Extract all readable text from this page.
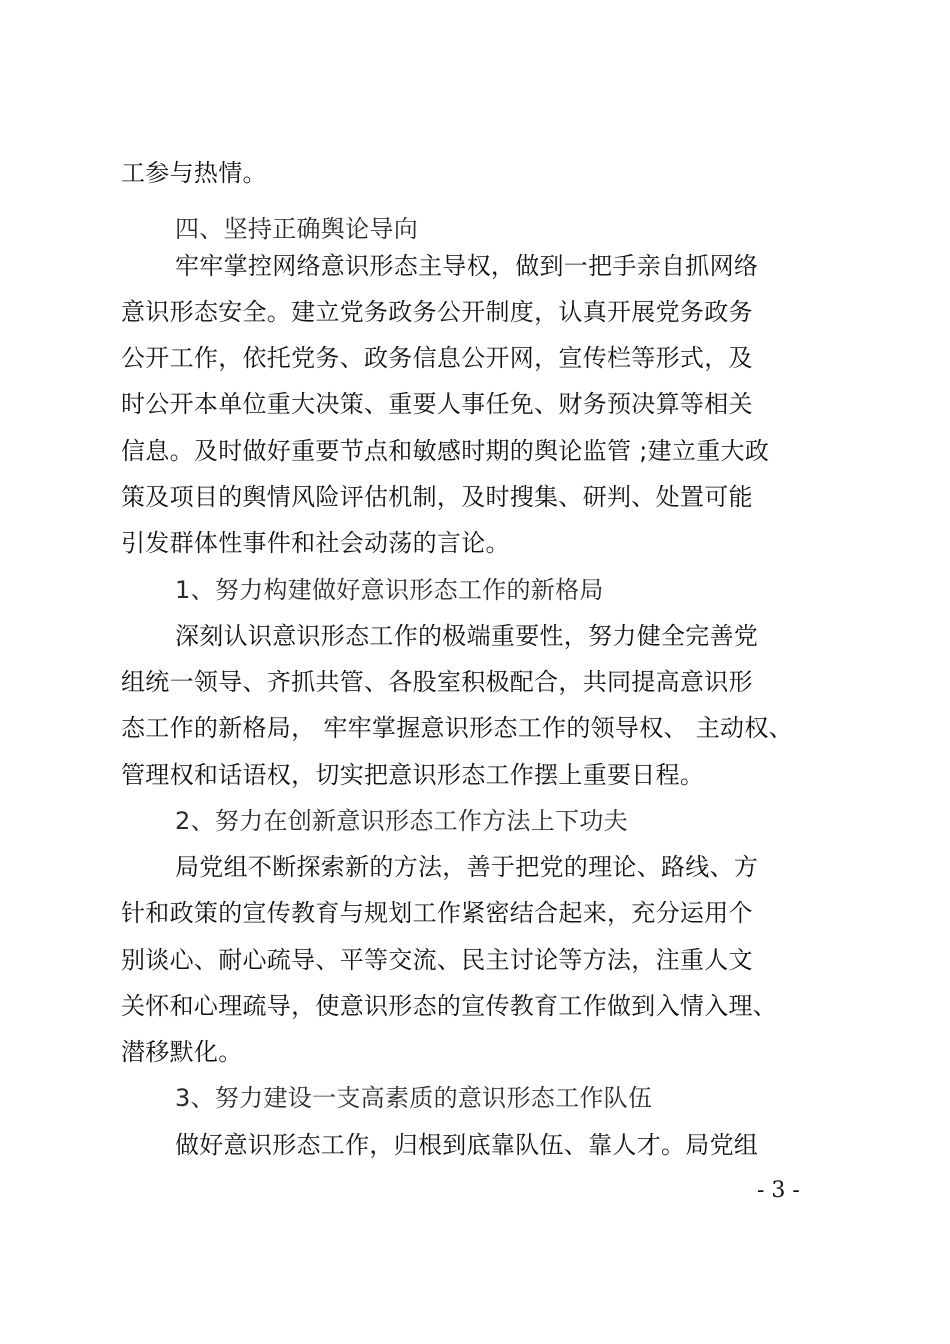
工参与热情。
四、坚持正确舆论导向
牢牢掌控网络意识形态主导权，做到一把手亲自抓网络
意识形态安全。建立党务政务公开制度，认真开展党务政务
公开工作，依托党务、政务信息公开网，宣传栏等形式，及
时公开本单位重大决策、重要人事任免、财务预决算等相关
信息。及时做好重要节点和敏感时期的舆论监管 ;建立重大政
策及项目的舆情风险评估机制，及时搜集、研判、处置可能
引发群体性事件和社会动荡的言论。
1、努力构建做好意识形态工作的新格局
深刻认识意识形态工作的极端重要性，努力健全完善党
组统一领导、齐抓共管、各股室积极配合，共同提高意识形
态工作的新格局， 牢牢掌握意识形态工作的领导权、 主动权、
管理权和话语权，切实把意识形态工作摆上重要日程。
2、努力在创新意识形态工作方法上下功夫
局党组不断探索新的方法，善于把党的理论、路线、方
针和政策的宣传教育与规划工作紧密结合起来，充分运用个
别谈心、耐心疏导、平等交流、民主讨论等方法，注重人文
关怀和心理疏导，使意识形态的宣传教育工作做到入情入理、
潜移默化。
3、努力建设一支高素质的意识形态工作队伍
做好意识形态工作，归根到底靠队伍、靠人才。局党组
- 3 -
